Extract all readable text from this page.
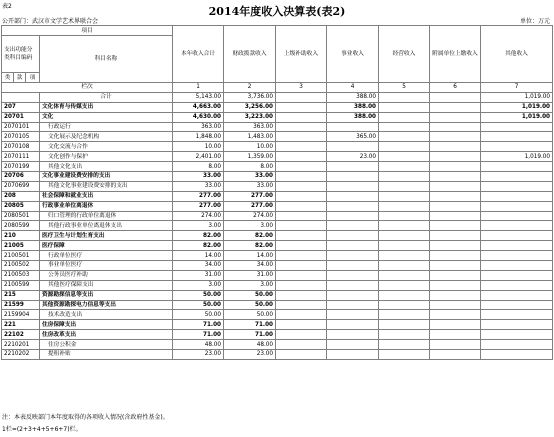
表2	2014年度收入决算表(表2)
公开部门：武汉市文学艺术界联合会	单位：万元
项目				本年收入合计	财政拨款收入	上级补助收入	事业收入	经营收入	附属单位上缴收入	其他收入
支出功能分类科目编码			科目名称							
类	款	项								
栏次				1	2	3	4	5	6	7
			合计	5,143.00	3,736.00		388.00			1,019.00
207			文化体育与传媒支出	4,663.00	3,256.00		388.00			1,019.00
20701			文化	4,630.00	3,223.00		388.00			1,019.00
2070101			行政运行	363.00	363.00					
2070105			文化展示及纪念机构	1,848.00	1,483.00		365.00			
2070108			文化交流与合作	10.00	10.00					
2070111			文化创作与保护	2,401.00	1,359.00		23.00			1,019.00
2070199			其他文化支出	8.00	8.00					
20706			文化事业建设费安排的支出	33.00	33.00					
2070699			其他文化事业建设费安排的支出	33.00	33.00					
208			社会保障和就业支出	277.00	277.00					
20805			行政事业单位离退休	277.00	277.00					
2080501			归口管理的行政单位离退休	274.00	274.00					
2080599			其他行政事业单位离退休支出	3.00	3.00					
210			医疗卫生与计划生育支出	82.00	82.00					
21005			医疗保障	82.00	82.00					
2100501			行政单位医疗	14.00	14.00					
2100502			事业单位医疗	34.00	34.00					
2100503			公务员医疗补助	31.00	31.00					
2100599			其他医疗保障支出	3.00	3.00					
215			资源勘探信息等支出	50.00	50.00					
21599			其他资源勘探电力信息等支出	50.00	50.00					
2159904			技术改造支出	50.00	50.00					
221			住房保障支出	71.00	71.00					
22102			住房改革支出	71.00	71.00					
2210201			住房公积金	48.00	48.00					
2210202			提租补贴	23.00	23.00					
注：本表反映部门本年度取得的各项收入情况(含政府性基金)。
1栏=(2+3+4+5+6+7)栏。
